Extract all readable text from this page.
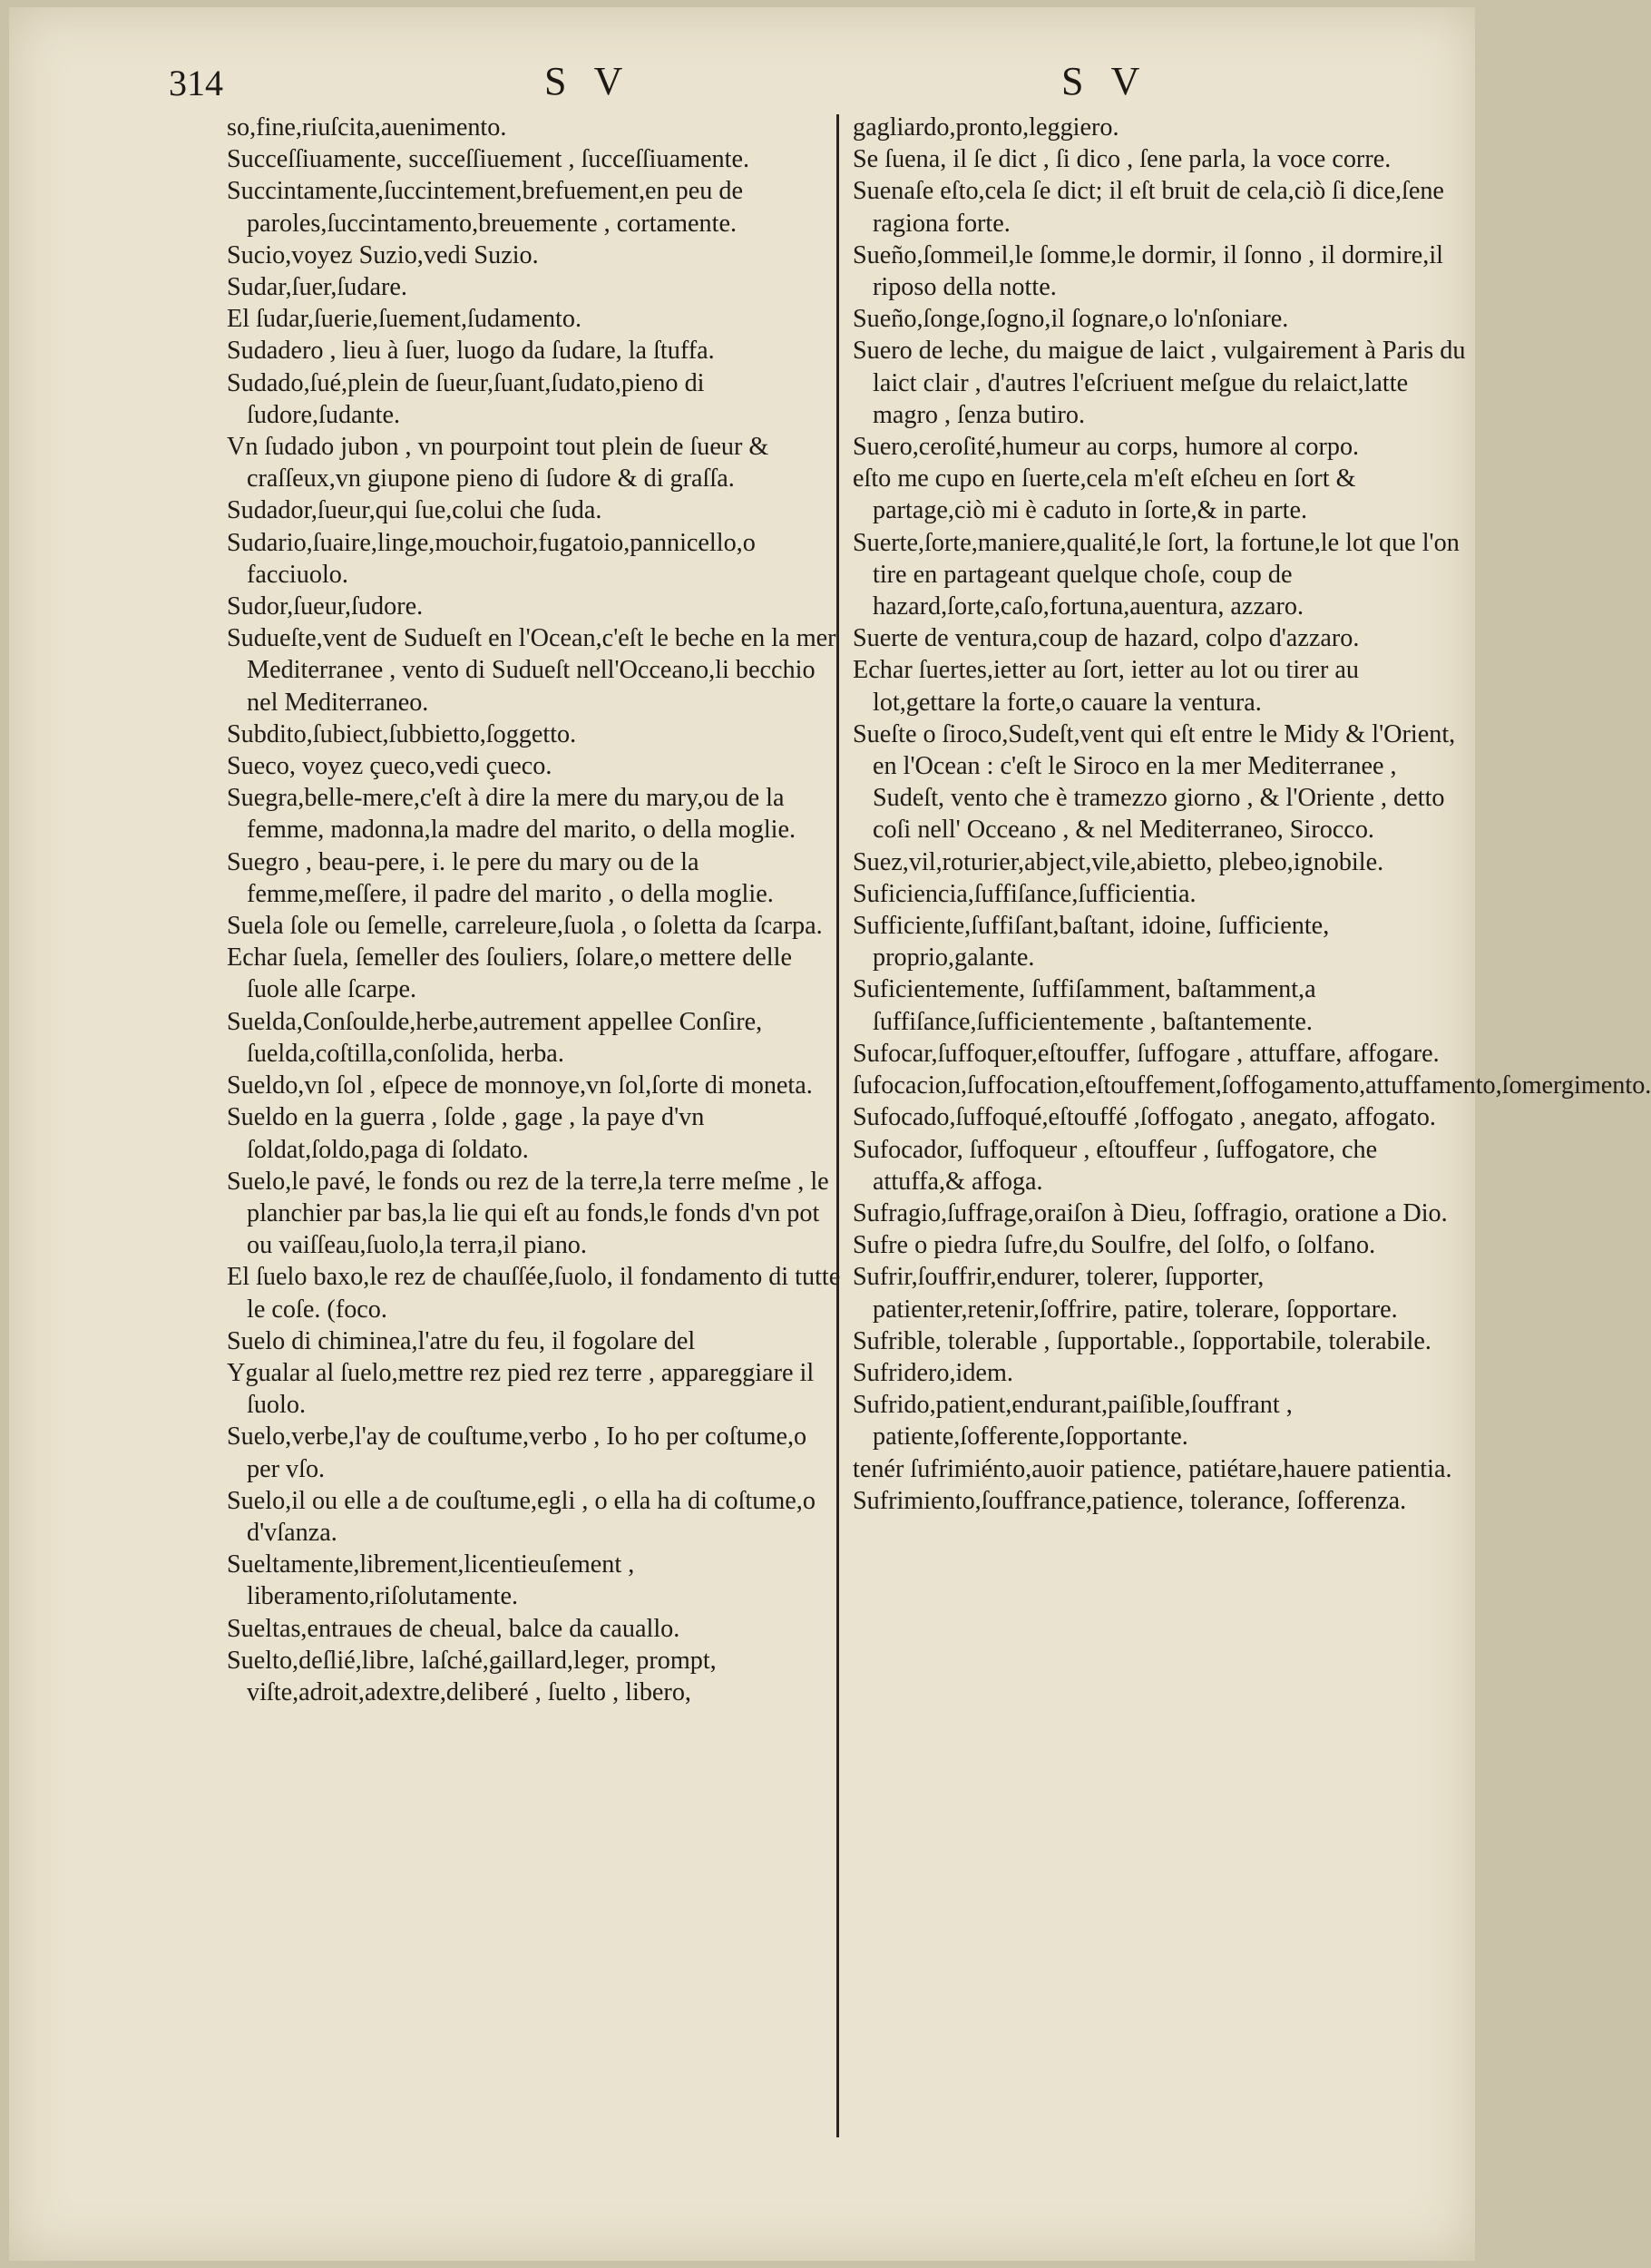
314	S V	S V
so,fine,riuſcita,auenimento.
Succeſſiuamente, succeſſiuement , ſucceſſiuamente.
Succintamente,ſuccintement,brefuement,en peu de paroles,ſuccintamento,breuemente , cortamente.
Sucio,voyez Suzio,vedi Suzio.
Sudar,ſuer,ſudare.
El ſudar,ſuerie,ſuement,ſudamento.
Sudadero , lieu à ſuer, luogo da ſudare, la ſtuffa.
Sudado,ſué,plein de ſueur,ſuant,ſudato,pieno di ſudore,ſudante.
Vn ſudado jubon , vn pourpoint tout plein de ſueur & craſſeux,vn giupone pieno di ſudore & di graſſa.
Sudador,ſueur,qui ſue,colui che ſuda.
Sudario,ſuaire,linge,mouchoir,fugatoio,pannicello,o facciuolo.
Sudor,ſueur,ſudore.
Sudueſte,vent de Sudueſt en l'Ocean,c'eſt le beche en la mer Mediterranee , vento di Sudueſt nell'Occeano,li becchio nel Mediterraneo.
Subdito,ſubiect,ſubbietto,ſoggetto.
Sueco, voyez çueco,vedi çueco.
Suegra,belle-mere,c'eſt à dire la mere du mary,ou de la femme, madonna,la madre del marito, o della moglie.
Suegro , beau-pere, i. le pere du mary ou de la femme,meſſere, il padre del marito , o della moglie.
Suela ſole ou ſemelle, carreleure,ſuola , o ſoletta da ſcarpa.
Echar ſuela, ſemeller des ſouliers, ſolare,o mettere delle ſuole alle ſcarpe.
Suelda,Conſoulde,herbe,autrement appellee Conſire, ſuelda,coſtilla,conſolida, herba.
Sueldo,vn ſol , eſpece de monnoye,vn ſol,ſorte di moneta.
Sueldo en la guerra , ſolde , gage , la paye d'vn ſoldat,ſoldo,paga di ſoldato.
Suelo,le pavé, le fonds ou rez de la terre,la terre meſme , le planchier par bas,la lie qui eſt au fonds,le fonds d'vn pot ou vaiſſeau,ſuolo,la terra,il piano.
El ſuelo baxo,le rez de chauſſée,ſuolo, il fondamento di tutte le coſe. (foco.
Suelo di chiminea,l'atre du feu, il fogolare del
Ygualar al ſuelo,mettre rez pied rez terre , appareggiare il ſuolo.
Suelo,verbe,l'ay de couſtume,verbo , Io ho per coſtume,o per vſo.
Suelo,il ou elle a de couſtume,egli , o ella ha di coſtume,o d'vſanza.
Sueltamente,librement,licentieuſement , liberamento,riſolutamente.
Sueltas,entraues de cheual, balce da cauallo.
Suelto,deſlié,libre, laſché,gaillard,leger, prompt, viſte,adroit,adextre,deliberé , ſuelto , libero,
gagliardo,pronto,leggiero.
Se ſuena, il ſe dict , ſi dico , ſene parla, la voce corre.
Suenaſe eſto,cela ſe dict; il eſt bruit de cela,ciò ſi dice,ſene ragiona forte.
Sueño,ſommeil,le ſomme,le dormir, il ſonno , il dormire,il riposo della notte.
Sueño,ſonge,ſogno,il ſognare,o lo'nſoniare.
Suero de leche, du maigue de laict , vulgairement à Paris du laict clair , d'autres l'eſcriuent meſgue du relaict,latte magro , ſenza butiro.
Suero,ceroſité,humeur au corps, humore al corpo.
eſto me cupo en ſuerte,cela m'eſt eſcheu en ſort & partage,ciò mi è caduto in ſorte,& in parte.
Suerte,ſorte,maniere,qualité,le ſort, la fortune,le lot que l'on tire en partageant quelque choſe, coup de hazard,ſorte,caſo,fortuna,auentura, azzaro.
Suerte de ventura,coup de hazard, colpo d'azzaro.
Echar ſuertes,ietter au ſort, ietter au lot ou tirer au lot,gettare la forte,o cauare la ventura.
Sueſte o ſiroco,Sudeſt,vent qui eſt entre le Midy & l'Orient, en l'Ocean : c'eſt le Siroco en la mer Mediterranee , Sudeſt, vento che è tramezzo giorno , & l'Oriente , detto coſi nell' Occeano , & nel Mediterraneo, Sirocco.
Suez,vil,roturier,abject,vile,abietto, plebeo,ignobile.
Suficiencia,ſuffiſance,ſufficientia.
Sufficiente,ſuffiſant,baſtant, idoine, ſufficiente, proprio,galante.
Suficientemente, ſuffiſamment, baſtamment,a ſuffiſance,ſufficientemente , baſtantemente.
Sufocar,ſuffoquer,eſtouffer, ſuffogare , attuffare, affogare.
ſufocacion,ſuffocation,eſtouffement,ſoffogamento,attuffamento,ſomergimento.
Sufocado,ſuffoqué,eſtouffé ,ſoffogato , anegato, affogato.
Sufocador, ſuffoqueur , eſtouffeur , ſuffogatore, che attuffa,& affoga.
Sufragio,ſuffrage,oraiſon à Dieu, ſoffragio, oratione a Dio.
Sufre o piedra ſufre,du Soulfre, del ſolfo, o ſolfano.
Sufrir,ſouffrir,endurer, tolerer, ſupporter, patienter,retenir,ſoffrire, patire, tolerare, ſopportare.
Sufrible, tolerable , ſupportable., ſopportabile, tolerabile.
Sufridero,idem.
Sufrido,patient,endurant,paiſible,ſouffrant , patiente,ſofferente,ſopportante.
tenér ſufrimiénto,auoir patience, patiétare,hauere patientia.
Sufrimiento,ſouffrance,patience, tolerance, ſofferenza.
